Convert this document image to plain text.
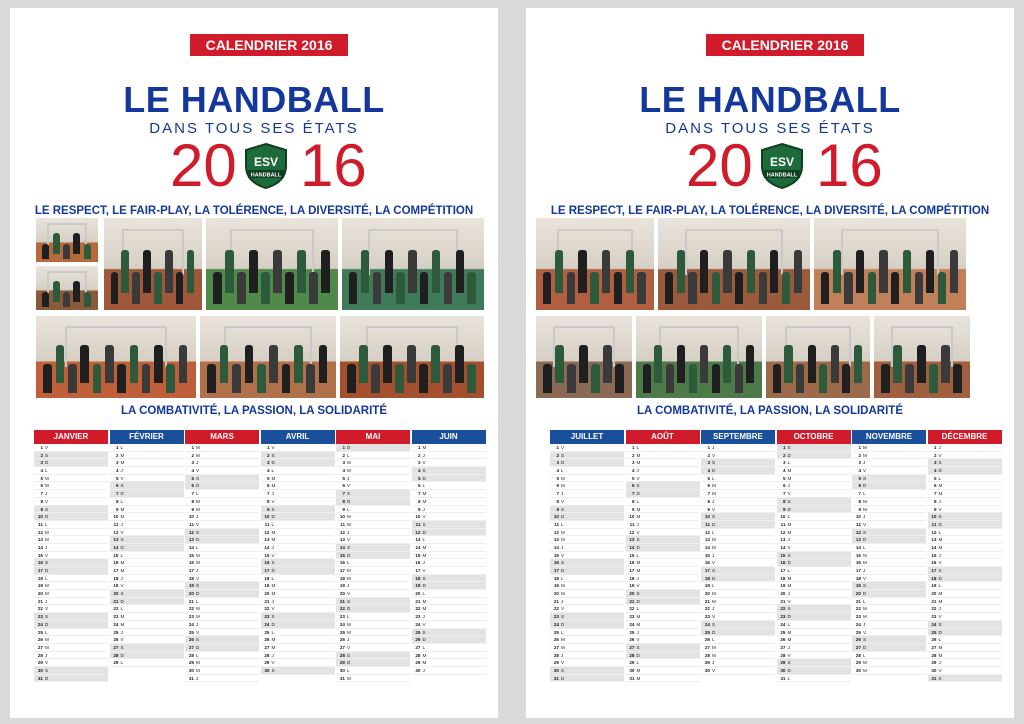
CALENDRIER 2016
LE HANDBALL
DANS TOUS SES ÉTATS
20 16
ESV
HANDBALL
LE RESPECT, LE FAIR-PLAY, LA TOLÉRENCE, LA DIVERSITÉ, LA COMPÉTITION
LA COMBATIVITÉ, LA PASSION, LA SOLIDARITÉ
JANVIER
1 V
2 S
3 D
4 L
5 M
6 M
7 J
8 V
9 S
10 D
11 L
12 M
13 M
14 J
15 V
16 S
17 D
18 L
19 M
20 M
21 J
22 V
23 S
24 D
25 L
26 M
27 M
28 J
29 V
30 S
31 D
FÉVRIER
1 L
2 M
3 M
4 J
5 V
6 S
7 D
8 L
9 M
10 M
11 J
12 V
13 S
14 D
15 L
16 M
17 M
18 J
19 V
20 S
21 D
22 L
23 M
24 M
25 J
26 V
27 S
28 D
29 L
MARS
1 M
2 M
3 J
4 V
5 S
6 D
7 L
8 M
9 M
10 J
11 V
12 S
13 D
14 L
15 M
16 M
17 J
18 V
19 S
20 D
21 L
22 M
23 M
24 J
25 V
26 S
27 D
28 L
29 M
30 M
31 J
AVRIL
1 V
2 S
3 D
4 L
5 M
6 M
7 J
8 V
9 S
10 D
11 L
12 M
13 M
14 J
15 V
16 S
17 D
18 L
19 M
20 M
21 J
22 V
23 S
24 D
25 L
26 M
27 M
28 J
29 V
30 S
MAI
1 D
2 L
3 M
4 M
5 J
6 V
7 S
8 D
9 L
10 M
11 M
12 J
13 V
14 S
15 D
16 L
17 M
18 M
19 J
20 V
21 S
22 D
23 L
24 M
25 M
26 J
27 V
28 S
29 D
30 L
31 M
JUIN
1 M
2 J
3 V
4 S
5 D
6 L
7 M
8 M
9 J
10 V
11 S
12 D
13 L
14 M
15 M
16 J
17 V
18 S
19 D
20 L
21 M
22 M
23 J
24 V
25 S
26 D
27 L
28 M
29 M
30 J
CALENDRIER 2016
LE HANDBALL
DANS TOUS SES ÉTATS
20 16
ESV
HANDBALL
LE RESPECT, LE FAIR-PLAY, LA TOLÉRENCE, LA DIVERSITÉ, LA COMPÉTITION
LA COMBATIVITÉ, LA PASSION, LA SOLIDARITÉ
JUILLET
1 V
2 S
3 D
4 L
5 M
6 M
7 J
8 V
9 S
10 D
11 L
12 M
13 M
14 J
15 V
16 S
17 D
18 L
19 M
20 M
21 J
22 V
23 S
24 D
25 L
26 M
27 M
28 J
29 V
30 S
31 D
AOÛT
1 L
2 M
3 M
4 J
5 V
6 S
7 D
8 L
9 M
10 M
11 J
12 V
13 S
14 D
15 L
16 M
17 M
18 J
19 V
20 S
21 D
22 L
23 M
24 M
25 J
26 V
27 S
28 D
29 L
30 M
31 M
SEPTEMBRE
1 J
2 V
3 S
4 D
5 L
6 M
7 M
8 J
9 V
10 S
11 D
12 L
13 M
14 M
15 J
16 V
17 S
18 D
19 L
20 M
21 M
22 J
23 V
24 S
25 D
26 L
27 M
28 M
29 J
30 V
OCTOBRE
1 S
2 D
3 L
4 M
5 M
6 J
7 V
8 S
9 D
10 L
11 M
12 M
13 J
14 V
15 S
16 D
17 L
18 M
19 M
20 J
21 V
22 S
23 D
24 L
25 M
26 M
27 J
28 V
29 S
30 D
31 L
NOVEMBRE
1 M
2 M
3 J
4 V
5 S
6 D
7 L
8 M
9 M
10 J
11 V
12 S
13 D
14 L
15 M
16 M
17 J
18 V
19 S
20 D
21 L
22 M
23 M
24 J
25 V
26 S
27 D
28 L
29 M
30 M
DÉCEMBRE
1 J
2 V
3 S
4 D
5 L
6 M
7 M
8 J
9 V
10 S
11 D
12 L
13 M
14 M
15 J
16 V
17 S
18 D
19 L
20 M
21 M
22 J
23 V
24 S
25 D
26 L
27 M
28 M
29 J
30 V
31 S
